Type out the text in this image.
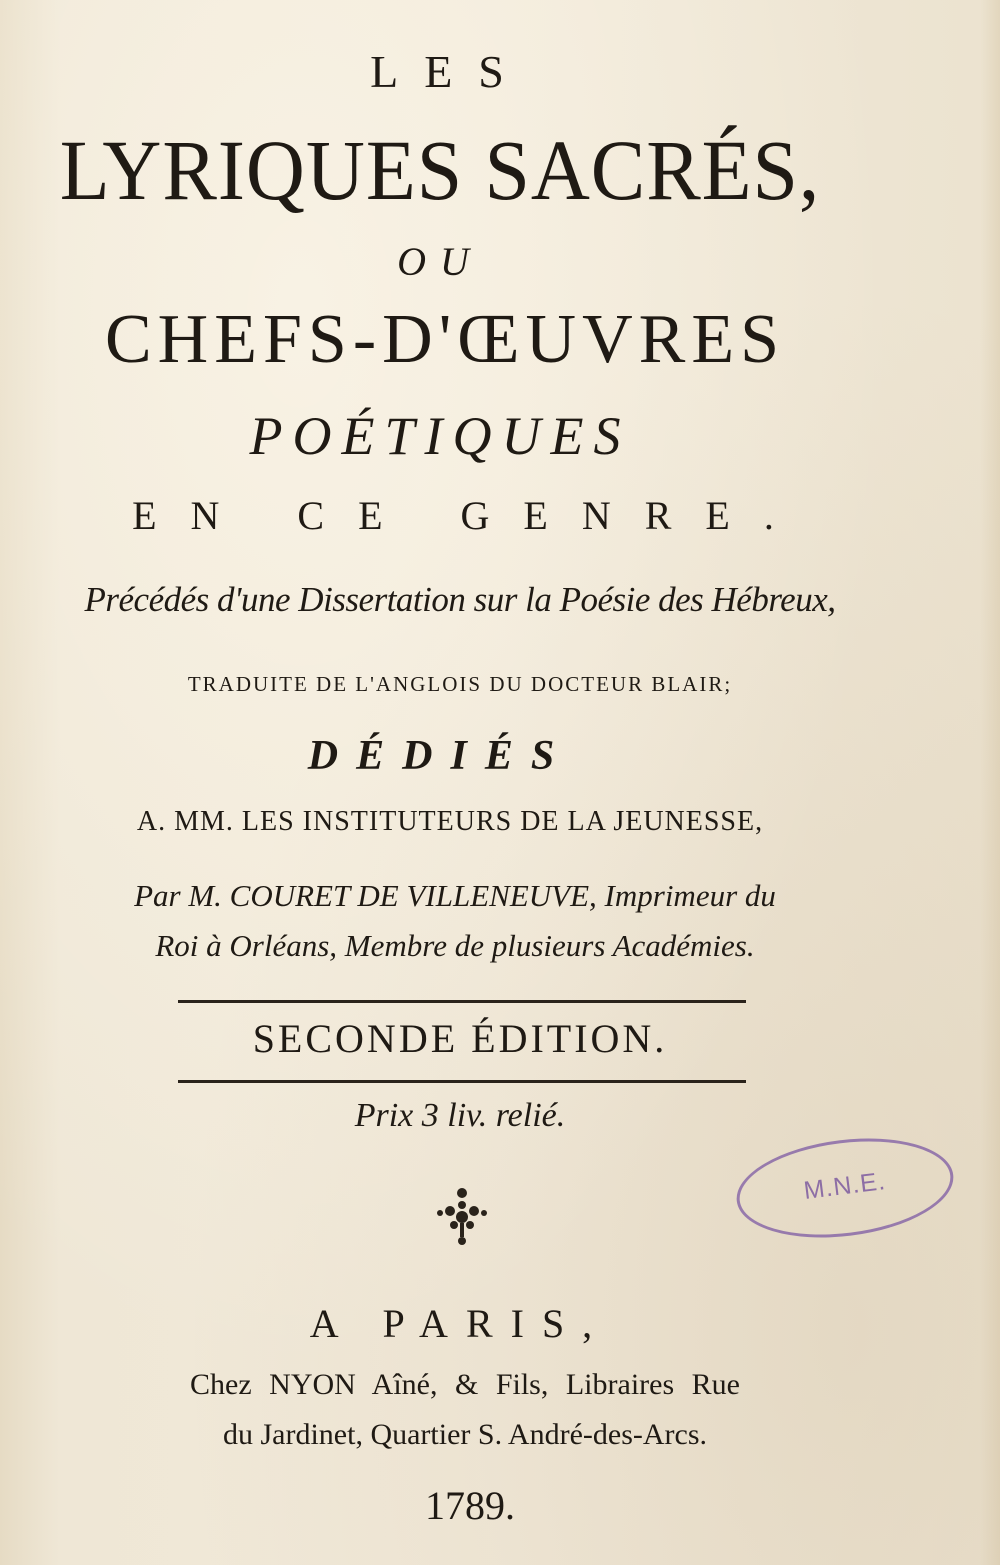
LES
LYRIQUES SACRÉS,
OU
CHEFS-D'ŒUVRES
POÉTIQUES
EN CE GENRE.
Précédés d'une Dissertation sur la Poésie des Hébreux,
TRADUITE DE L'ANGLOIS DU DOCTEUR BLAIR;
DÉDIÉS
A. MM. LES INSTITUTEURS DE LA JEUNESSE,
Par M. COURET DE VILLENEUVE, Imprimeur du
Roi à Orléans, Membre de plusieurs Académies.
SECONDE ÉDITION.
Prix 3 liv. relié.
M.N.E.
A PARIS,
Chez NYON Aîné, & Fils, Libraires Rue
du Jardinet, Quartier S. André-des-Arcs.
1789.
